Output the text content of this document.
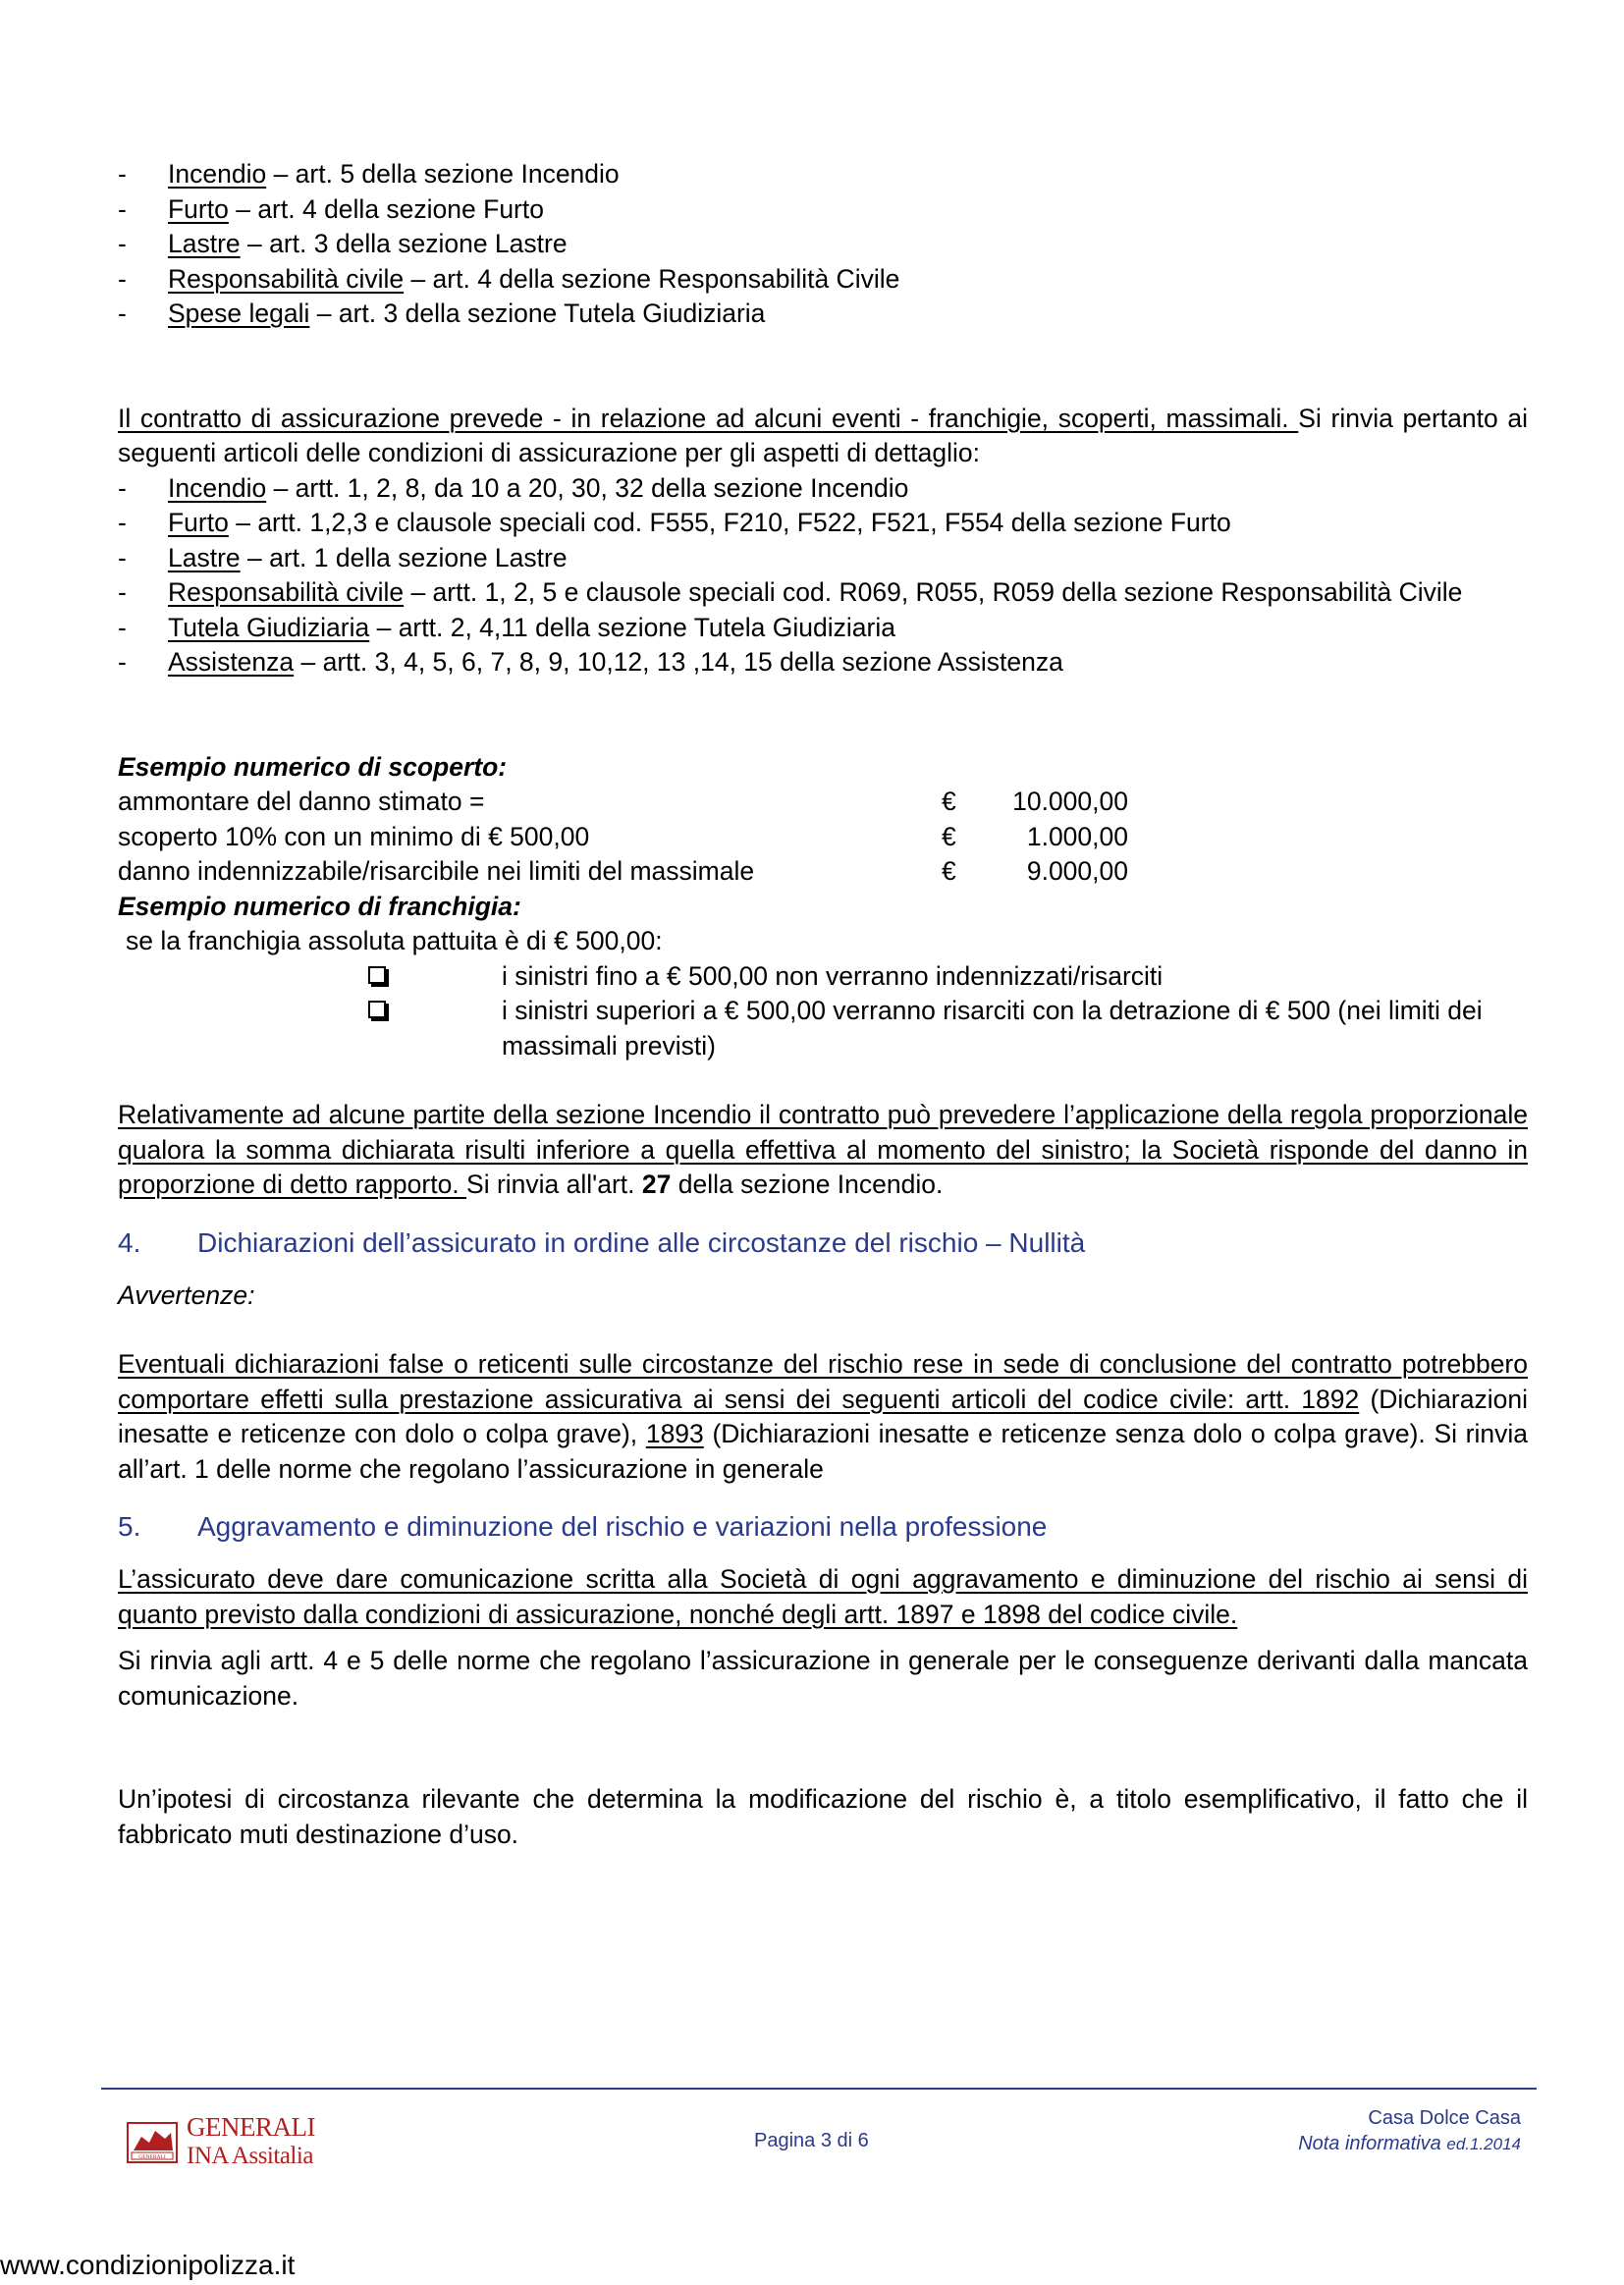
- Incendio – art. 5 della sezione Incendio
- Furto – art. 4 della sezione Furto
- Lastre – art. 3 della sezione Lastre
- Responsabilità civile – art. 4 della sezione Responsabilità Civile
- Spese legali – art. 3 della sezione Tutela Giudiziaria

Il contratto di assicurazione prevede - in relazione ad alcuni eventi - franchigie, scoperti, massimali. Si rinvia pertanto ai seguenti articoli delle condizioni di assicurazione per gli aspetti di dettaglio:

- Incendio – artt. 1, 2, 8, da 10 a 20, 30, 32 della sezione Incendio
- Furto – artt. 1,2,3 e clausole speciali cod. F555, F210, F522, F521, F554 della sezione Furto
- Lastre – art. 1 della sezione Lastre
- Responsabilità civile – artt. 1, 2, 5 e clausole speciali cod. R069, R055, R059 della sezione Responsabilità Civile
- Tutela Giudiziaria – artt. 2, 4,11 della sezione Tutela Giudiziaria
- Assistenza – artt. 3, 4, 5, 6, 7, 8, 9, 10,12, 13 ,14, 15 della sezione Assistenza
Esempio numerico di scoperto:
ammontare del danno stimato =	€	10.000,00
scoperto 10% con un minimo di € 500,00	€	1.000,00
danno indennizzabile/risarcibile nei limiti del massimale	€	9.000,00
Esempio numerico di franchigia:
se la franchigia assoluta pattuita è di € 500,00:
i sinistri fino a € 500,00 non verranno indennizzati/risarciti
i sinistri superiori a € 500,00 verranno risarciti con la detrazione di € 500 (nei limiti dei massimali previsti)

Relativamente ad alcune partite della sezione Incendio il contratto può prevedere l’applicazione della regola proporzionale qualora la somma dichiarata risulti inferiore a quella effettiva al momento del sinistro; la Società risponde del danno in proporzione di detto rapporto. Si rinvia all'art. 27 della sezione Incendio.

4.	Dichiarazioni dell’assicurato in ordine alle circostanze del rischio – Nullità
Avvertenze:

Eventuali dichiarazioni false o reticenti sulle circostanze del rischio rese in sede di conclusione del contratto potrebbero comportare effetti sulla prestazione assicurativa ai sensi dei seguenti articoli del codice civile: artt. 1892 (Dichiarazioni inesatte e reticenze con dolo o colpa grave), 1893 (Dichiarazioni inesatte e reticenze senza dolo o colpa grave). Si rinvia all’art. 1 delle norme che regolano l’assicurazione in generale

5.	Aggravamento e diminuzione del rischio e variazioni nella professione

L’assicurato deve dare comunicazione scritta alla Società di ogni aggravamento e diminuzione del rischio ai sensi di quanto previsto dalla condizioni di assicurazione, nonché degli artt. 1897 e 1898 del codice civile.

Si rinvia agli artt. 4 e 5 delle norme che regolano l’assicurazione in generale per le conseguenze derivanti dalla mancata comunicazione.

Un’ipotesi di circostanza rilevante che determina la modificazione del rischio è, a titolo esemplificativo, il fatto che il fabbricato muti destinazione d’uso.

GENERALI
GENERALI
INA Assitalia
Pagina 3 di 6
Casa Dolce Casa
Nota informativa ed.1.2014
www.condizionipolizza.it
